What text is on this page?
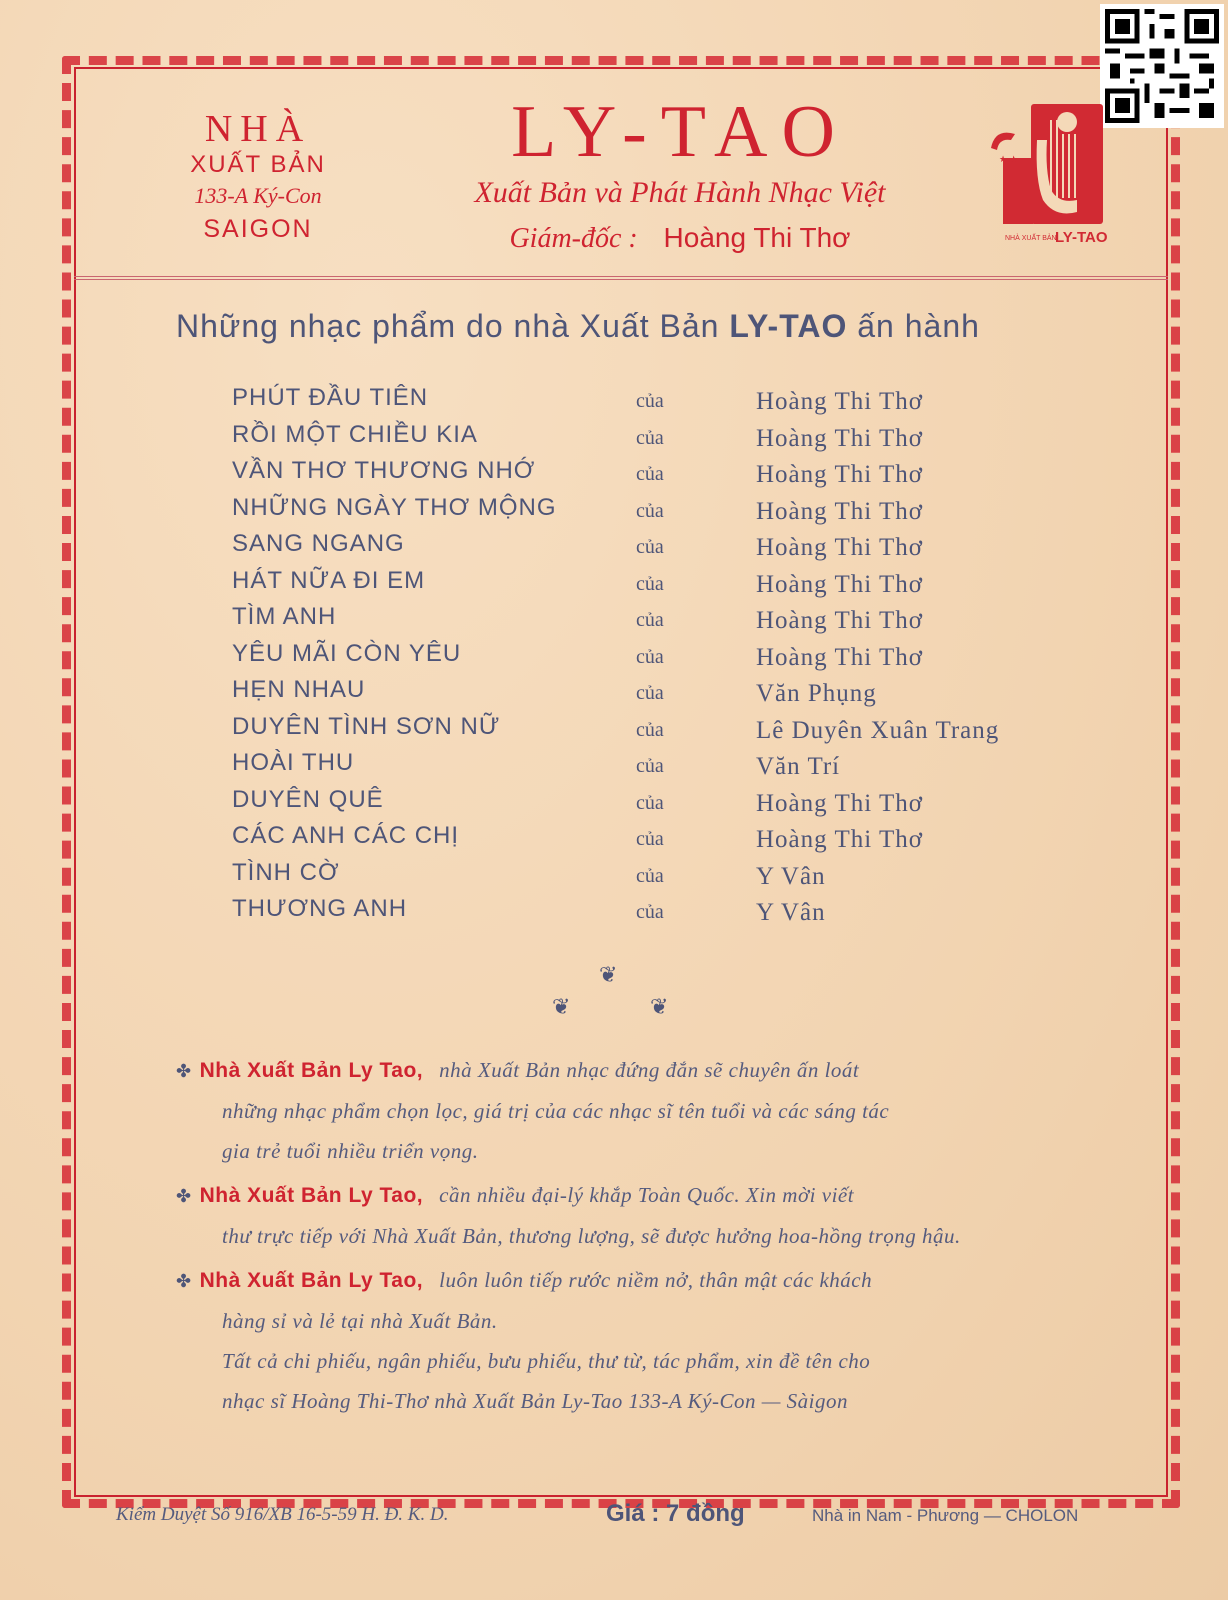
NHÀ
XUẤT BẢN
133-A Ký-Con
SAIGON
LY-TAO
Xuất Bản và Phát Hành Nhạc Việt
Giám-đốc : Hoàng Thi Thơ
★ ★
NHÀ XUẤT BẢN
LY-TAO
Những nhạc phẩm do nhà Xuất Bản LY-TAO ấn hành
PHÚT ĐẦU TIÊN	của	Hoàng Thi Thơ
RỒI MỘT CHIỀU KIA	của	Hoàng Thi Thơ
VẦN THƠ THƯƠNG NHỚ	của	Hoàng Thi Thơ
NHỮNG NGÀY THƠ MỘNG	của	Hoàng Thi Thơ
SANG NGANG	của	Hoàng Thi Thơ
HÁT NỮA ĐI EM	của	Hoàng Thi Thơ
TÌM ANH	của	Hoàng Thi Thơ
YÊU MÃI CÒN YÊU	của	Hoàng Thi Thơ
HẸN NHAU	của	Văn Phụng
DUYÊN TÌNH SƠN NỮ	của	Lê Duyên Xuân Trang
HOÀI THU	của	Văn Trí
DUYÊN QUÊ	của	Hoàng Thi Thơ
CÁC ANH CÁC CHỊ	của	Hoàng Thi Thơ
TÌNH CỜ	của	Y Vân
THƯƠNG ANH	của	Y Vân
❦
❦	❦
✤ Nhà Xuất Bản Ly Tao, nhà Xuất Bản nhạc đứng đắn sẽ chuyên ấn loát
những nhạc phẩm chọn lọc, giá trị của các nhạc sĩ tên tuổi và các sáng tác
gia trẻ tuổi nhiều triển vọng.
✤ Nhà Xuất Bản Ly Tao, cần nhiều đại-lý khắp Toàn Quốc. Xin mời viết
thư trực tiếp với Nhà Xuất Bản, thương lượng, sẽ được hưởng hoa-hồng trọng hậu.
✤ Nhà Xuất Bản Ly Tao, luôn luôn tiếp rước niềm nở, thân mật các khách
hàng sỉ và lẻ tại nhà Xuất Bản.
Tất cả chi phiếu, ngân phiếu, bưu phiếu, thư từ, tác phẩm, xin đề tên cho
nhạc sĩ Hoàng Thi-Thơ nhà Xuất Bản Ly-Tao 133-A Ký-Con — Sàigon
Kiểm Duyệt Số 916/XB 16-5-59 H. Đ. K. D.	Giá : 7 đồng	Nhà in Nam - Phương — CHOLON
